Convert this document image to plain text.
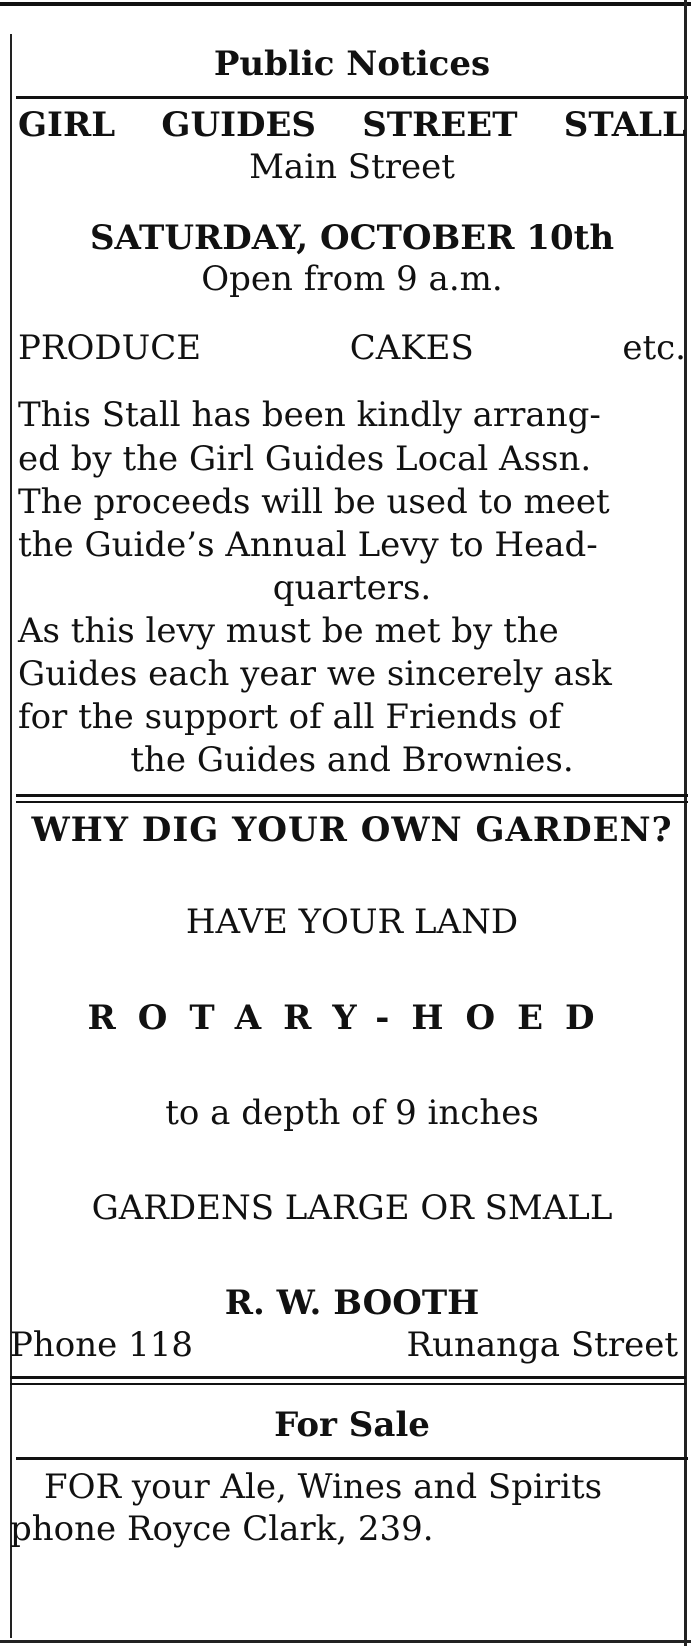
Public Notices
GIRL GUIDES STREET STALL
Main Street
SATURDAY, OCTOBER 10th
Open from 9 a.m.
PRODUCE	CAKES	etc.
This Stall has been kindly arrang-
ed by the Girl Guides Local Assn.
The proceeds will be used to meet
the Guide’s Annual Levy to Head-
quarters.
As this levy must be met by the
Guides each year we sincerely ask
for the support of all Friends of
the Guides and Brownies.
WHY DIG YOUR OWN GARDEN?
HAVE YOUR LAND
ROTARY-HOED
to a depth of 9 inches
GARDENS LARGE OR SMALL
R. W. BOOTH
Phone 118	Runanga Street
For Sale
FOR your Ale, Wines and Spirits
phone Royce Clark, 239.
